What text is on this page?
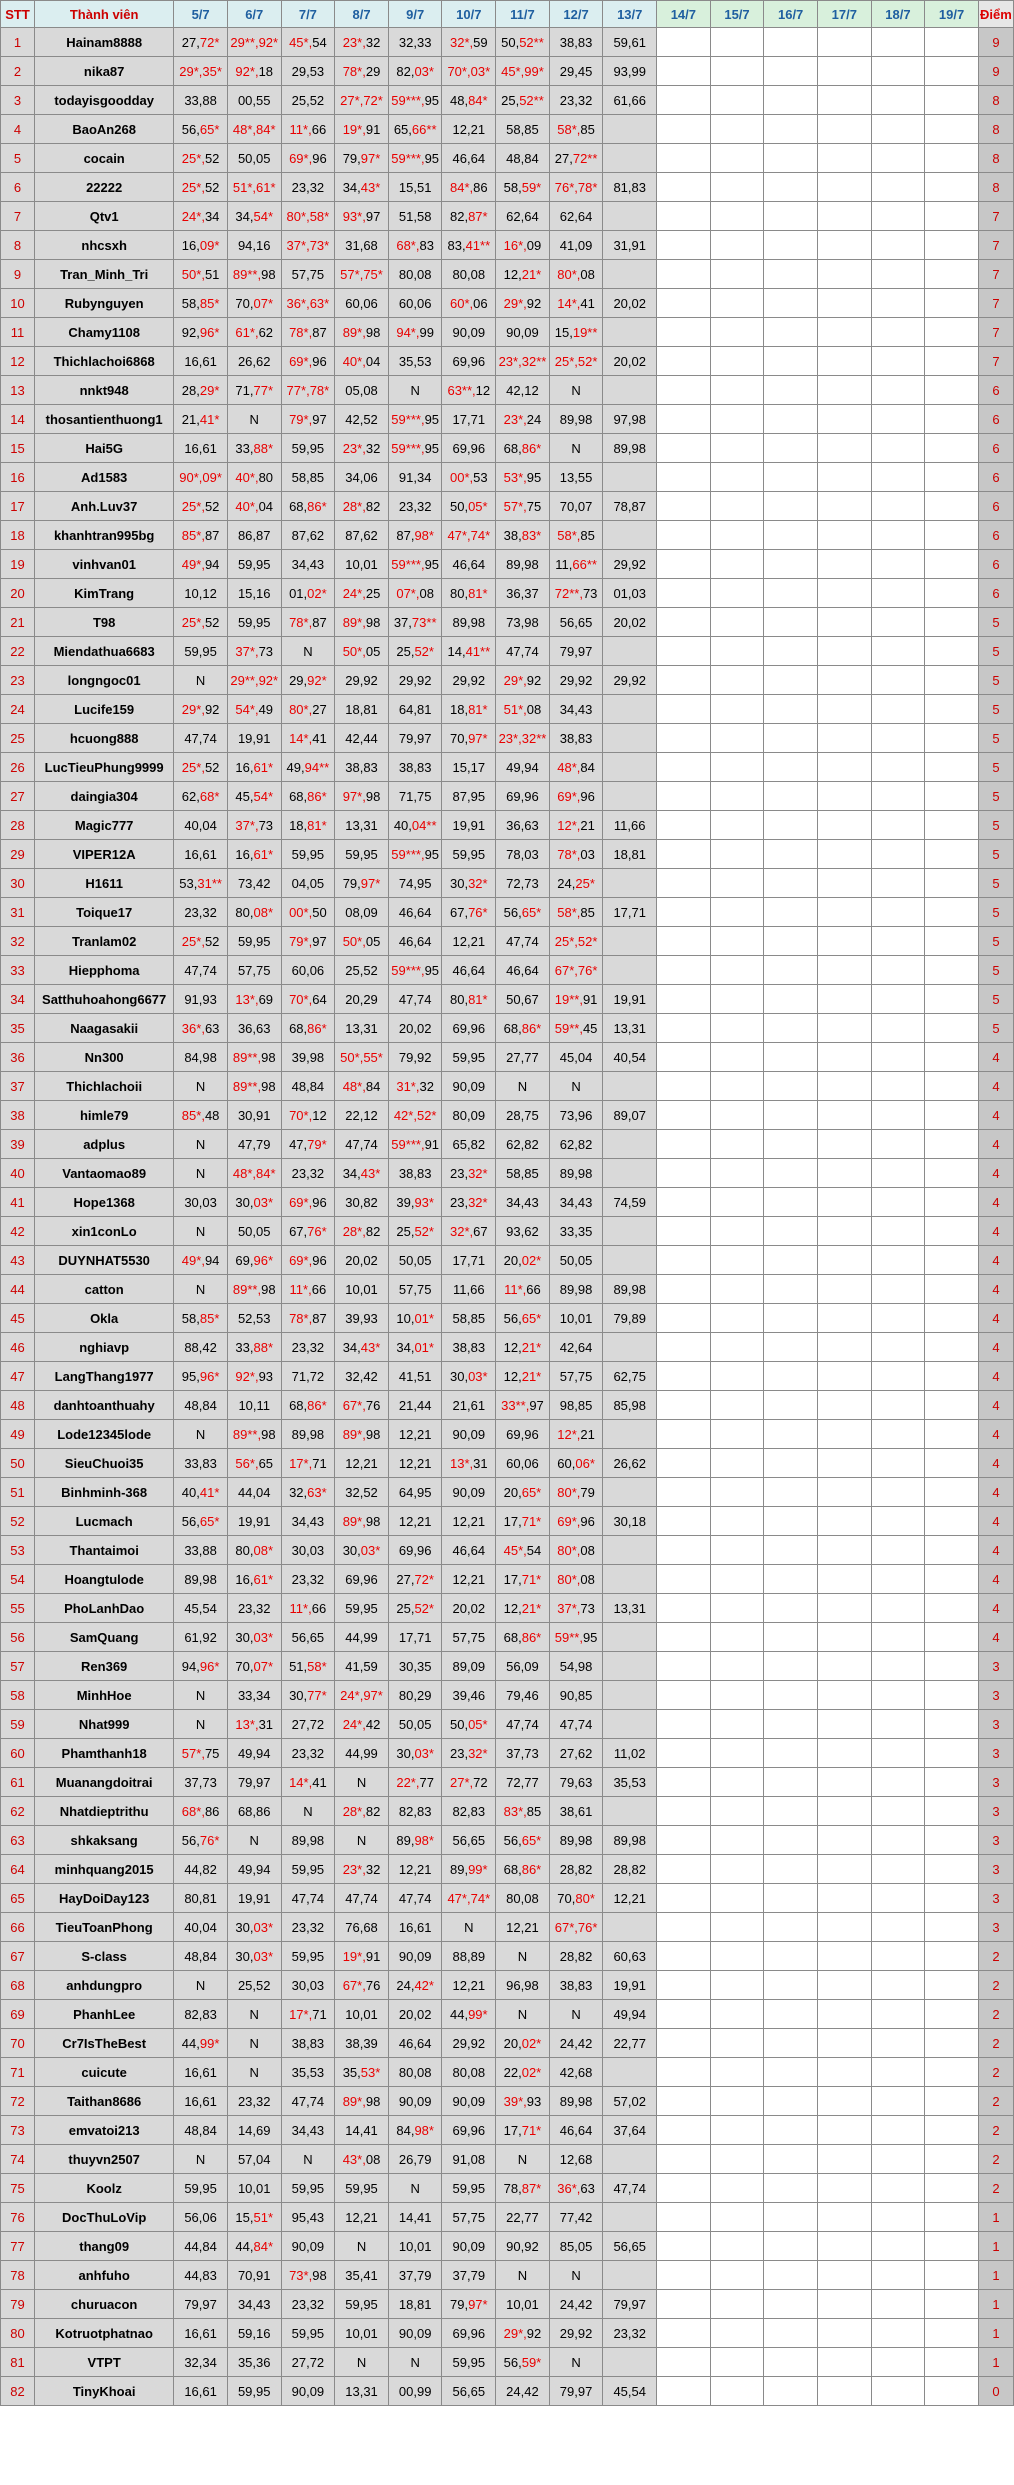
STT	Thành viên	5/7	6/7	7/7	8/7	9/7	10/7	11/7	12/7	13/7	14/7	15/7	16/7	17/7	18/7	19/7	Điểm
1	Hainam8888	27,72*	29**,92*	45*,54	23*,32	32,33	32*,59	50,52**	38,83	59,61							9
2	nika87	29*,35*	92*,18	29,53	78*,29	82,03*	70*,03*	45*,99*	29,45	93,99							9
3	todayisgoodday	33,88	00,55	25,52	27*,72*	59***,95	48,84*	25,52**	23,32	61,66							8
4	BaoAn268	56,65*	48*,84*	11*,66	19*,91	65,66**	12,21	58,85	58*,85								8
5	cocain	25*,52	50,05	69*,96	79,97*	59***,95	46,64	48,84	27,72**								8
6	22222	25*,52	51*,61*	23,32	34,43*	15,51	84*,86	58,59*	76*,78*	81,83							8
7	Qtv1	24*,34	34,54*	80*,58*	93*,97	51,58	82,87*	62,64	62,64								7
8	nhcsxh	16,09*	94,16	37*,73*	31,68	68*,83	83,41**	16*,09	41,09	31,91							7
9	Tran_Minh_Tri	50*,51	89**,98	57,75	57*,75*	80,08	80,08	12,21*	80*,08								7
10	Rubynguyen	58,85*	70,07*	36*,63*	60,06	60,06	60*,06	29*,92	14*,41	20,02							7
11	Chamy1108	92,96*	61*,62	78*,87	89*,98	94*,99	90,09	90,09	15,19**								7
12	Thichlachoi6868	16,61	26,62	69*,96	40*,04	35,53	69,96	23*,32**	25*,52*	20,02							7
13	nnkt948	28,29*	71,77*	77*,78*	05,08	N	63**,12	42,12	N								6
14	thosantienthuong1	21,41*	N	79*,97	42,52	59***,95	17,71	23*,24	89,98	97,98							6
15	Hai5G	16,61	33,88*	59,95	23*,32	59***,95	69,96	68,86*	N	89,98							6
16	Ad1583	90*,09*	40*,80	58,85	34,06	91,34	00*,53	53*,95	13,55								6
17	Anh.Luv37	25*,52	40*,04	68,86*	28*,82	23,32	50,05*	57*,75	70,07	78,87							6
18	khanhtran995bg	85*,87	86,87	87,62	87,62	87,98*	47*,74*	38,83*	58*,85								6
19	vinhvan01	49*,94	59,95	34,43	10,01	59***,95	46,64	89,98	11,66**	29,92							6
20	KimTrang	10,12	15,16	01,02*	24*,25	07*,08	80,81*	36,37	72**,73	01,03							6
21	T98	25*,52	59,95	78*,87	89*,98	37,73**	89,98	73,98	56,65	20,02							5
22	Miendathua6683	59,95	37*,73	N	50*,05	25,52*	14,41**	47,74	79,97								5
23	longngoc01	N	29**,92*	29,92*	29,92	29,92	29,92	29*,92	29,92	29,92							5
24	Lucife159	29*,92	54*,49	80*,27	18,81	64,81	18,81*	51*,08	34,43								5
25	hcuong888	47,74	19,91	14*,41	42,44	79,97	70,97*	23*,32**	38,83								5
26	LucTieuPhung9999	25*,52	16,61*	49,94**	38,83	38,83	15,17	49,94	48*,84								5
27	daingia304	62,68*	45,54*	68,86*	97*,98	71,75	87,95	69,96	69*,96								5
28	Magic777	40,04	37*,73	18,81*	13,31	40,04**	19,91	36,63	12*,21	11,66							5
29	VIPER12A	16,61	16,61*	59,95	59,95	59***,95	59,95	78,03	78*,03	18,81							5
30	H1611	53,31**	73,42	04,05	79,97*	74,95	30,32*	72,73	24,25*								5
31	Toique17	23,32	80,08*	00*,50	08,09	46,64	67,76*	56,65*	58*,85	17,71							5
32	Tranlam02	25*,52	59,95	79*,97	50*,05	46,64	12,21	47,74	25*,52*								5
33	Hiepphoma	47,74	57,75	60,06	25,52	59***,95	46,64	46,64	67*,76*								5
34	Satthuhoahong6677	91,93	13*,69	70*,64	20,29	47,74	80,81*	50,67	19**,91	19,91							5
35	Naagasakii	36*,63	36,63	68,86*	13,31	20,02	69,96	68,86*	59**,45	13,31							5
36	Nn300	84,98	89**,98	39,98	50*,55*	79,92	59,95	27,77	45,04	40,54							4
37	Thichlachoii	N	89**,98	48,84	48*,84	31*,32	90,09	N	N								4
38	himle79	85*,48	30,91	70*,12	22,12	42*,52*	80,09	28,75	73,96	89,07							4
39	adplus	N	47,79	47,79*	47,74	59***,91	65,82	62,82	62,82								4
40	Vantaomao89	N	48*,84*	23,32	34,43*	38,83	23,32*	58,85	89,98								4
41	Hope1368	30,03	30,03*	69*,96	30,82	39,93*	23,32*	34,43	34,43	74,59							4
42	xin1conLo	N	50,05	67,76*	28*,82	25,52*	32*,67	93,62	33,35								4
43	DUYNHAT5530	49*,94	69,96*	69*,96	20,02	50,05	17,71	20,02*	50,05								4
44	catton	N	89**,98	11*,66	10,01	57,75	11,66	11*,66	89,98	89,98							4
45	Okla	58,85*	52,53	78*,87	39,93	10,01*	58,85	56,65*	10,01	79,89							4
46	nghiavp	88,42	33,88*	23,32	34,43*	34,01*	38,83	12,21*	42,64								4
47	LangThang1977	95,96*	92*,93	71,72	32,42	41,51	30,03*	12,21*	57,75	62,75							4
48	danhtoanthuahy	48,84	10,11	68,86*	67*,76	21,44	21,61	33**,97	98,85	85,98							4
49	Lode12345lode	N	89**,98	89,98	89*,98	12,21	90,09	69,96	12*,21								4
50	SieuChuoi35	33,83	56*,65	17*,71	12,21	12,21	13*,31	60,06	60,06*	26,62							4
51	Binhminh-368	40,41*	44,04	32,63*	32,52	64,95	90,09	20,65*	80*,79								4
52	Lucmach	56,65*	19,91	34,43	89*,98	12,21	12,21	17,71*	69*,96	30,18							4
53	Thantaimoi	33,88	80,08*	30,03	30,03*	69,96	46,64	45*,54	80*,08								4
54	Hoangtulode	89,98	16,61*	23,32	69,96	27,72*	12,21	17,71*	80*,08								4
55	PhoLanhDao	45,54	23,32	11*,66	59,95	25,52*	20,02	12,21*	37*,73	13,31							4
56	SamQuang	61,92	30,03*	56,65	44,99	17,71	57,75	68,86*	59**,95								4
57	Ren369	94,96*	70,07*	51,58*	41,59	30,35	89,09	56,09	54,98								3
58	MinhHoe	N	33,34	30,77*	24*,97*	80,29	39,46	79,46	90,85								3
59	Nhat999	N	13*,31	27,72	24*,42	50,05	50,05*	47,74	47,74								3
60	Phamthanh18	57*,75	49,94	23,32	44,99	30,03*	23,32*	37,73	27,62	11,02							3
61	Muanangdoitrai	37,73	79,97	14*,41	N	22*,77	27*,72	72,77	79,63	35,53							3
62	Nhatdieptrithu	68*,86	68,86	N	28*,82	82,83	82,83	83*,85	38,61								3
63	shkaksang	56,76*	N	89,98	N	89,98*	56,65	56,65*	89,98	89,98							3
64	minhquang2015	44,82	49,94	59,95	23*,32	12,21	89,99*	68,86*	28,82	28,82							3
65	HayDoiDay123	80,81	19,91	47,74	47,74	47,74	47*,74*	80,08	70,80*	12,21							3
66	TieuToanPhong	40,04	30,03*	23,32	76,68	16,61	N	12,21	67*,76*								3
67	S-class	48,84	30,03*	59,95	19*,91	90,09	88,89	N	28,82	60,63							2
68	anhdungpro	N	25,52	30,03	67*,76	24,42*	12,21	96,98	38,83	19,91							2
69	PhanhLee	82,83	N	17*,71	10,01	20,02	44,99*	N	N	49,94							2
70	Cr7IsTheBest	44,99*	N	38,83	38,39	46,64	29,92	20,02*	24,42	22,77							2
71	cuicute	16,61	N	35,53	35,53*	80,08	80,08	22,02*	42,68								2
72	Taithan8686	16,61	23,32	47,74	89*,98	90,09	90,09	39*,93	89,98	57,02							2
73	emvatoi213	48,84	14,69	34,43	14,41	84,98*	69,96	17,71*	46,64	37,64							2
74	thuyvn2507	N	57,04	N	43*,08	26,79	91,08	N	12,68								2
75	Koolz	59,95	10,01	59,95	59,95	N	59,95	78,87*	36*,63	47,74							2
76	DocThuLoVip	56,06	15,51*	95,43	12,21	14,41	57,75	22,77	77,42								1
77	thang09	44,84	44,84*	90,09	N	10,01	90,09	90,92	85,05	56,65							1
78	anhfuho	44,83	70,91	73*,98	35,41	37,79	37,79	N	N								1
79	churuacon	79,97	34,43	23,32	59,95	18,81	79,97*	10,01	24,42	79,97							1
80	Kotruotphatnao	16,61	59,16	59,95	10,01	90,09	69,96	29*,92	29,92	23,32							1
81	VTPT	32,34	35,36	27,72	N	N	59,95	56,59*	N								1
82	TinyKhoai	16,61	59,95	90,09	13,31	00,99	56,65	24,42	79,97	45,54							0
